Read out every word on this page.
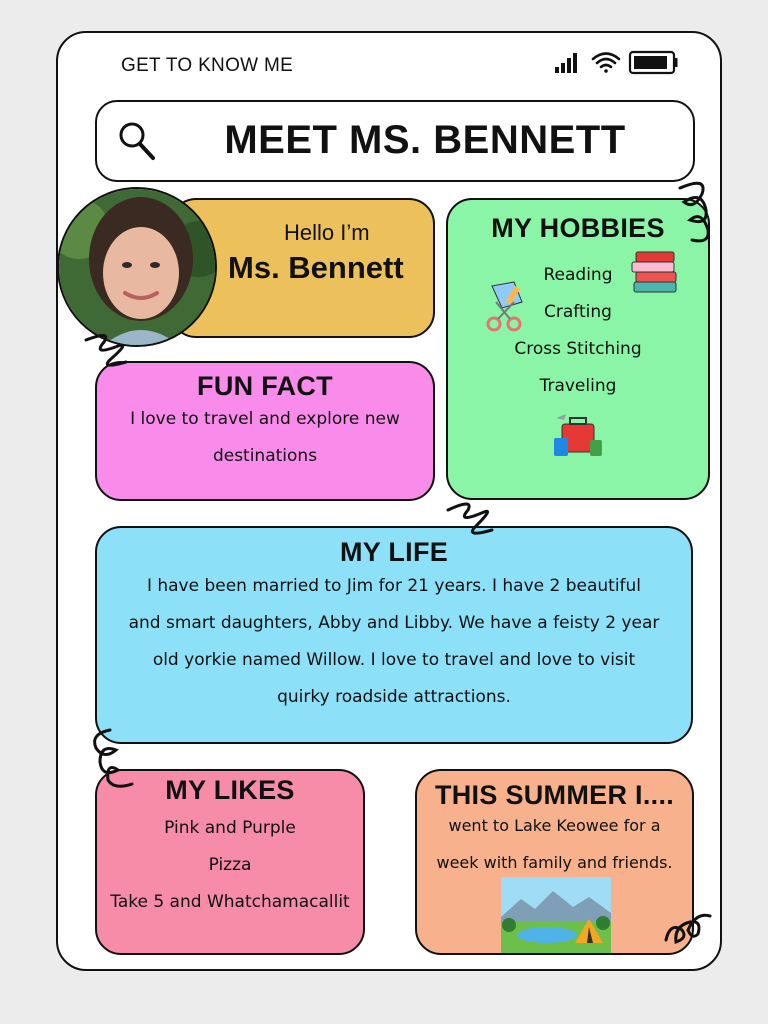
GET TO KNOW ME
MEET MS. BENNETT
Hello I’m
Ms. Bennett
MY HOBBIES
Reading
Crafting
Cross Stitching
Traveling
FUN FACT
I love to travel and explore new
destinations
MY LIFE
I have been married to Jim for 21 years. I have 2 beautiful
and smart daughters, Abby and Libby. We have a feisty 2 year
old yorkie named Willow. I love to travel and love to visit
quirky roadside attractions.
MY LIKES
Pink and Purple
Pizza
Take 5 and Whatchamacallit
THIS SUMMER I....
went to Lake Keowee for a
week with family and friends.
